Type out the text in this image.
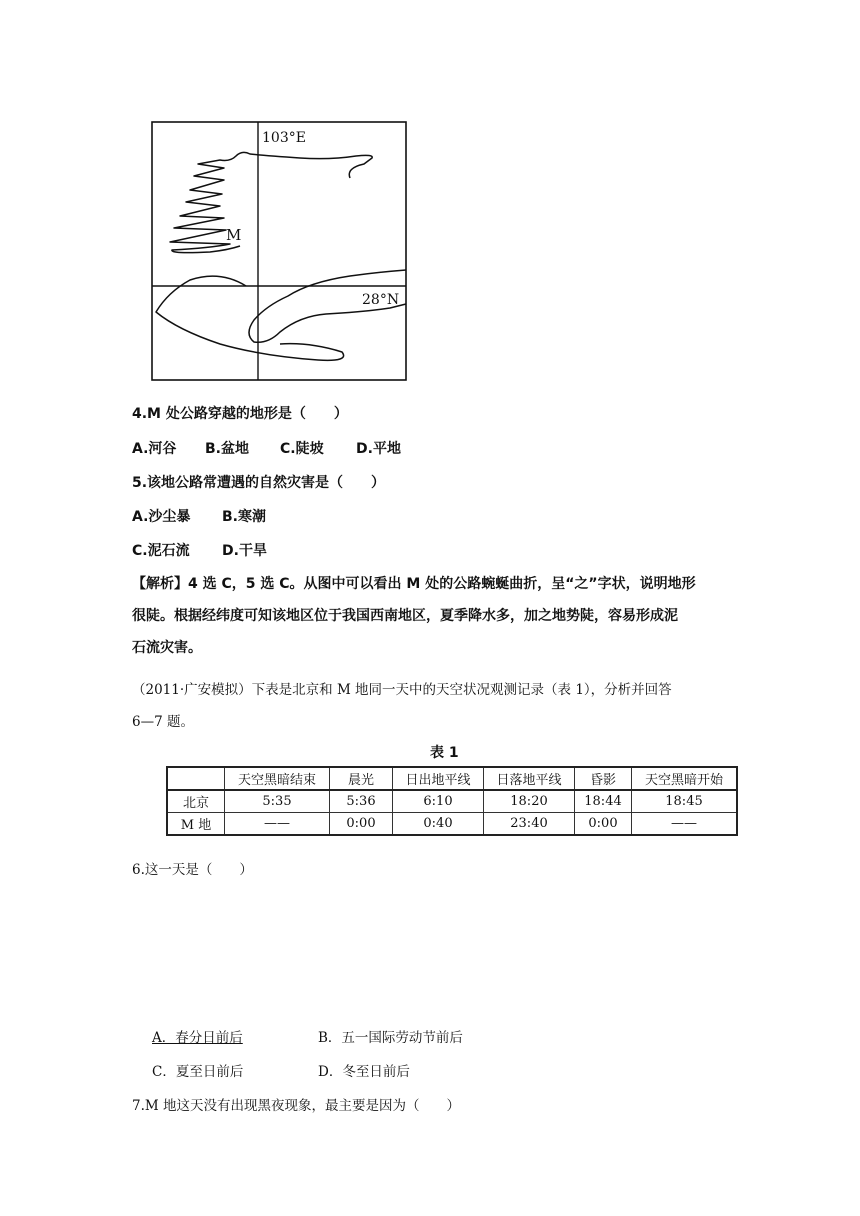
103°E
28°N
M
4.M 处公路穿越的地形是（　　）
A.河谷 B.盆地 C.陡坡 D.平地
5.该地公路常遭遇的自然灾害是（　　）
A.沙尘暴 B.寒潮
C.泥石流 D.干旱
【解析】4 选 C，5 选 C。从图中可以看出 M 处的公路蜿蜒曲折，呈“之”字状，说明地形
很陡。根据经纬度可知该地区位于我国西南地区，夏季降水多，加之地势陡，容易形成泥
石流灾害。
（2011·广安模拟）下表是北京和 M 地同一天中的天空状况观测记录（表 1），分析并回答
6—7 题。
表 1
	天空黑暗结束	晨光	日出地平线	日落地平线	昏影	天空黑暗开始
北京	5:35	5:36	6:10	18:20	18:44	18:45
M 地	——	0:00	0:40	23:40	0:00	——
6.这一天是（　　）
A．春分日前后	B．五一国际劳动节前后
C．夏至日前后	D．冬至日前后
7.M 地这天没有出现黑夜现象，最主要是因为（　　）
